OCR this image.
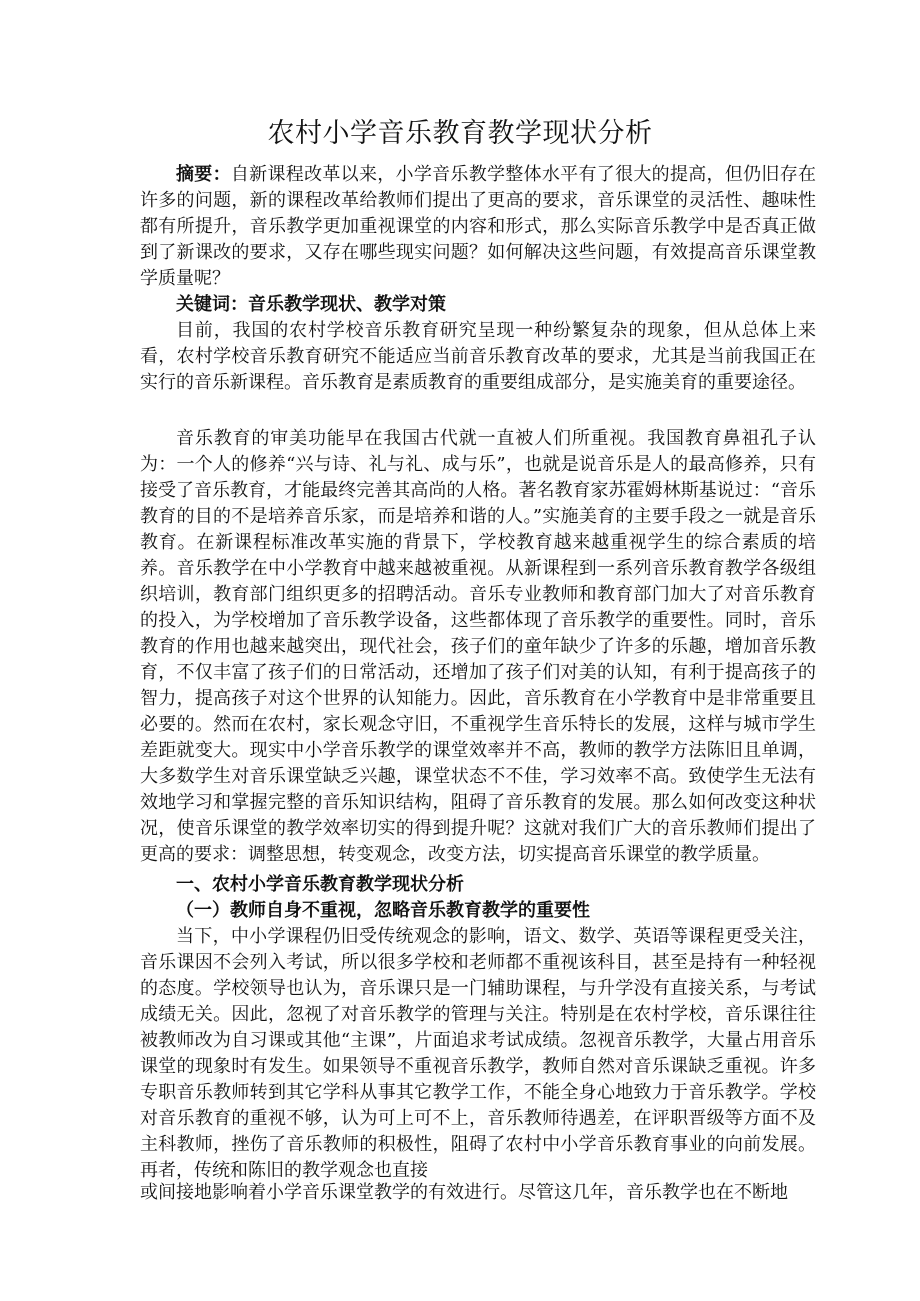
农村小学音乐教育教学现状分析

摘要：自新课程改革以来，小学音乐教学整体水平有了很大的提高，但仍旧存在许多的问题，新的课程改革给教师们提出了更高的要求，音乐课堂的灵活性、趣味性都有所提升，音乐教学更加重视课堂的内容和形式，那么实际音乐教学中是否真正做到了新课改的要求，又存在哪些现实问题？如何解决这些问题，有效提高音乐课堂教学质量呢？

关键词：音乐教学现状、教学对策

目前，我国的农村学校音乐教育研究呈现一种纷繁复杂的现象，但从总体上来看，农村学校音乐教育研究不能适应当前音乐教育改革的要求，尤其是当前我国正在实行的音乐新课程。音乐教育是素质教育的重要组成部分，是实施美育的重要途径。

音乐教育的审美功能早在我国古代就一直被人们所重视。我国教育鼻祖孔子认为：一个人的修养“兴与诗、礼与礼、成与乐”，也就是说音乐是人的最高修养，只有接受了音乐教育，才能最终完善其高尚的人格。著名教育家苏霍姆林斯基说过：“音乐教育的目的不是培养音乐家，而是培养和谐的人。”实施美育的主要手段之一就是音乐教育。在新课程标准改革实施的背景下，学校教育越来越重视学生的综合素质的培养。音乐教学在中小学教育中越来越被重视。从新课程到一系列音乐教育教学各级组织培训，教育部门组织更多的招聘活动。音乐专业教师和教育部门加大了对音乐教育的投入，为学校增加了音乐教学设备，这些都体现了音乐教学的重要性。同时，音乐教育的作用也越来越突出，现代社会，孩子们的童年缺少了许多的乐趣，增加音乐教育，不仅丰富了孩子们的日常活动，还增加了孩子们对美的认知，有利于提高孩子的智力，提高孩子对这个世界的认知能力。因此，音乐教育在小学教育中是非常重要且必要的。然而在农村，家长观念守旧，不重视学生音乐特长的发展，这样与城市学生差距就变大。现实中小学音乐教学的课堂效率并不高，教师的教学方法陈旧且单调，大多数学生对音乐课堂缺乏兴趣，课堂状态不不佳，学习效率不高。致使学生无法有效地学习和掌握完整的音乐知识结构，阻碍了音乐教育的发展。那么如何改变这种状况，使音乐课堂的教学效率切实的得到提升呢？这就对我们广大的音乐教师们提出了更高的要求：调整思想，转变观念，改变方法，切实提高音乐课堂的教学质量。

一、农村小学音乐教育教学现状分析

（一）教师自身不重视，忽略音乐教育教学的重要性

当下，中小学课程仍旧受传统观念的影响，语文、数学、英语等课程更受关注，音乐课因不会列入考试，所以很多学校和老师都不重视该科目，甚至是持有一种轻视的态度。学校领导也认为，音乐课只是一门辅助课程，与升学没有直接关系，与考试成绩无关。因此，忽视了对音乐教学的管理与关注。特别是在农村学校，音乐课往往被教师改为自习课或其他“主课”，片面追求考试成绩。忽视音乐教学，大量占用音乐课堂的现象时有发生。如果领导不重视音乐教学，教师自然对音乐课缺乏重视。许多专职音乐教师转到其它学科从事其它教学工作，不能全身心地致力于音乐教学。学校对音乐教育的重视不够，认为可上可不上，音乐教师待遇差，在评职晋级等方面不及主科教师，挫伤了音乐教师的积极性，阻碍了农村中小学音乐教育事业的向前发展。再者，传统和陈旧的教学观念也直接

或间接地影响着小学音乐课堂教学的有效进行。尽管这几年，音乐教学也在不断地
